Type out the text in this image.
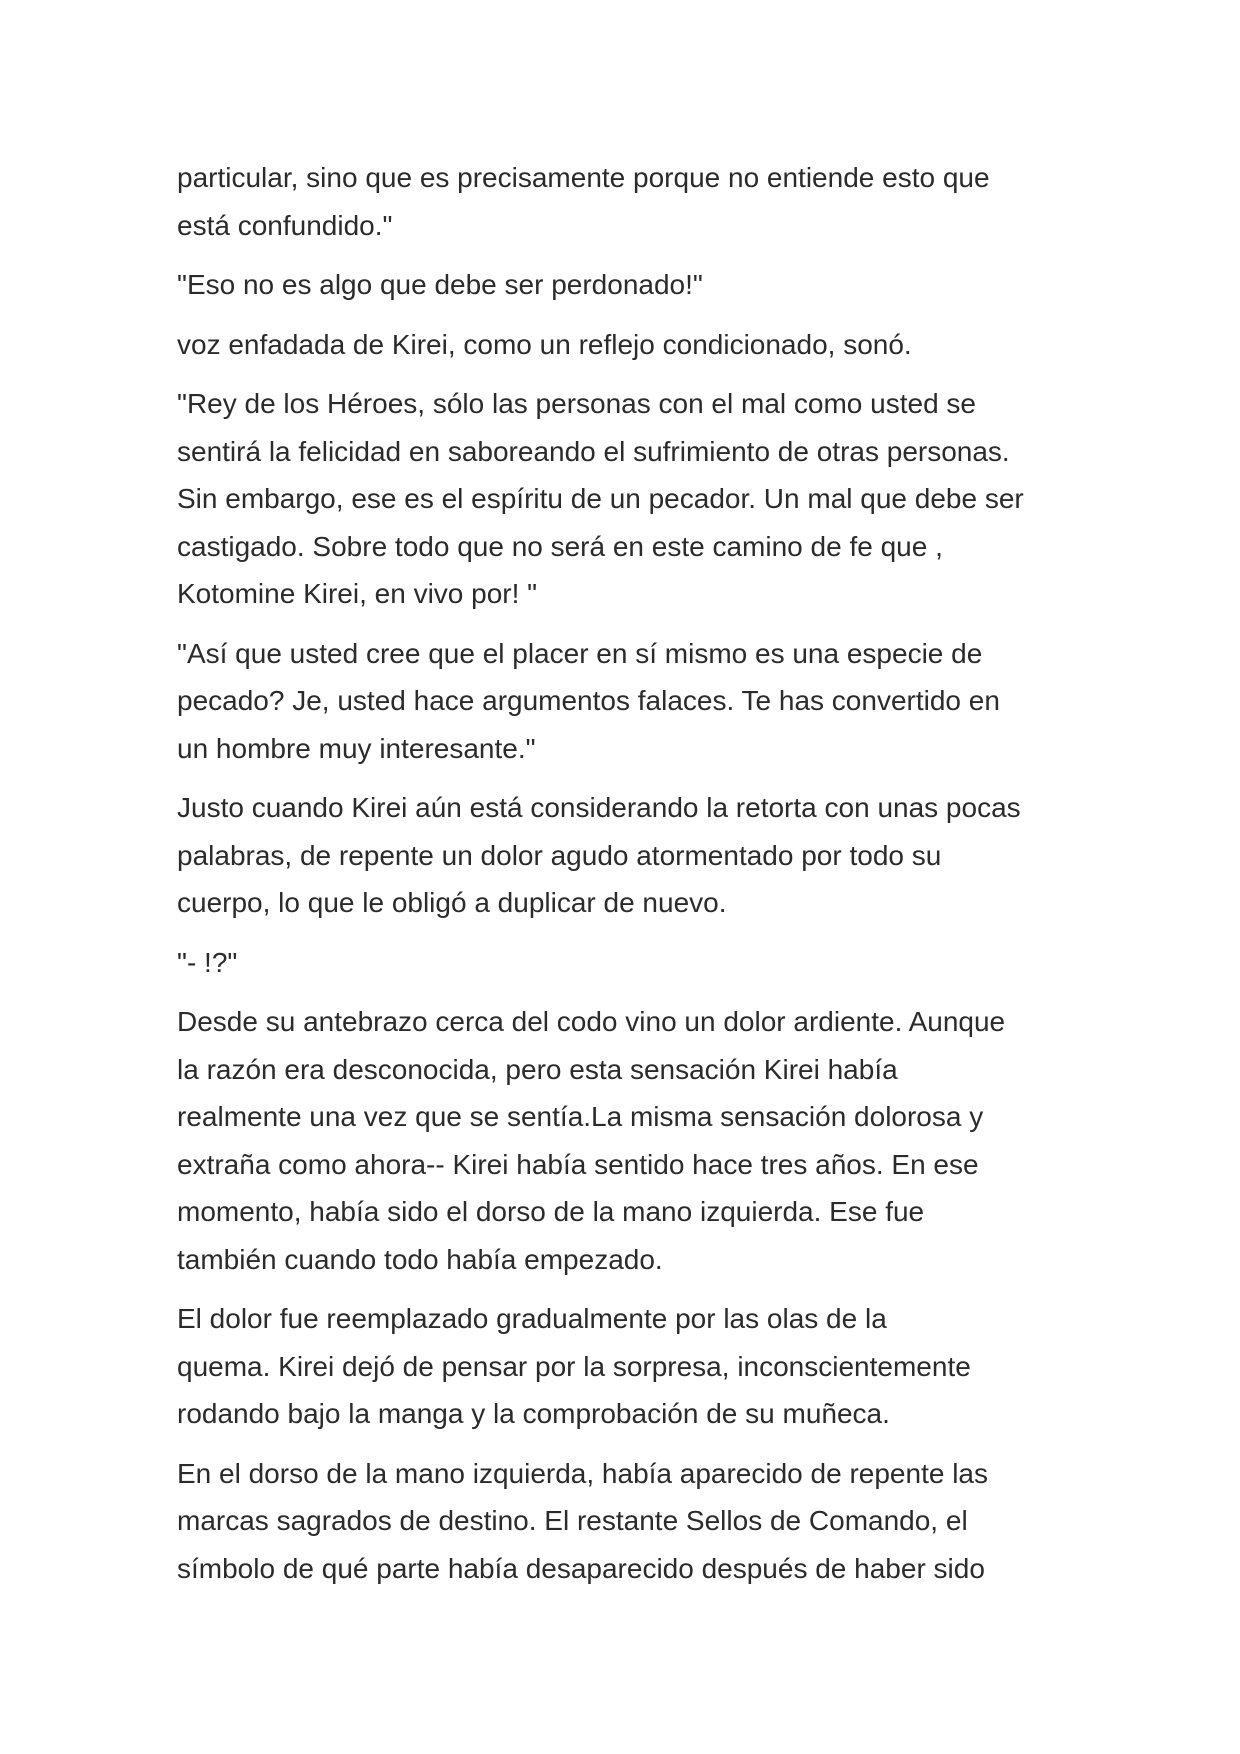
particular, sino que es precisamente porque no entiende esto que
está confundido."

"Eso no es algo que debe ser perdonado!"

voz enfadada de Kirei, como un reflejo condicionado, sonó.

"Rey de los Héroes, sólo las personas con el mal como usted se
sentirá la felicidad en saboreando el sufrimiento de otras personas.
Sin embargo, ese es el espíritu de un pecador. Un mal que debe ser
castigado. Sobre todo que no será en este camino de fe que ,
Kotomine Kirei, en vivo por! "

"Así que usted cree que el placer en sí mismo es una especie de
pecado? Je, usted hace argumentos falaces. Te has convertido en
un hombre muy interesante."

Justo cuando Kirei aún está considerando la retorta con unas pocas
palabras, de repente un dolor agudo atormentado por todo su
cuerpo, lo que le obligó a duplicar de nuevo.

"- !?"

Desde su antebrazo cerca del codo vino un dolor ardiente. Aunque
la razón era desconocida, pero esta sensación Kirei había
realmente una vez que se sentía.La misma sensación dolorosa y
extraña como ahora-- Kirei había sentido hace tres años. En ese
momento, había sido el dorso de la mano izquierda. Ese fue
también cuando todo había empezado.

El dolor fue reemplazado gradualmente por las olas de la
quema. Kirei dejó de pensar por la sorpresa, inconscientemente
rodando bajo la manga y la comprobación de su muñeca.

En el dorso de la mano izquierda, había aparecido de repente las
marcas sagrados de destino. El restante Sellos de Comando, el
símbolo de qué parte había desaparecido después de haber sido
